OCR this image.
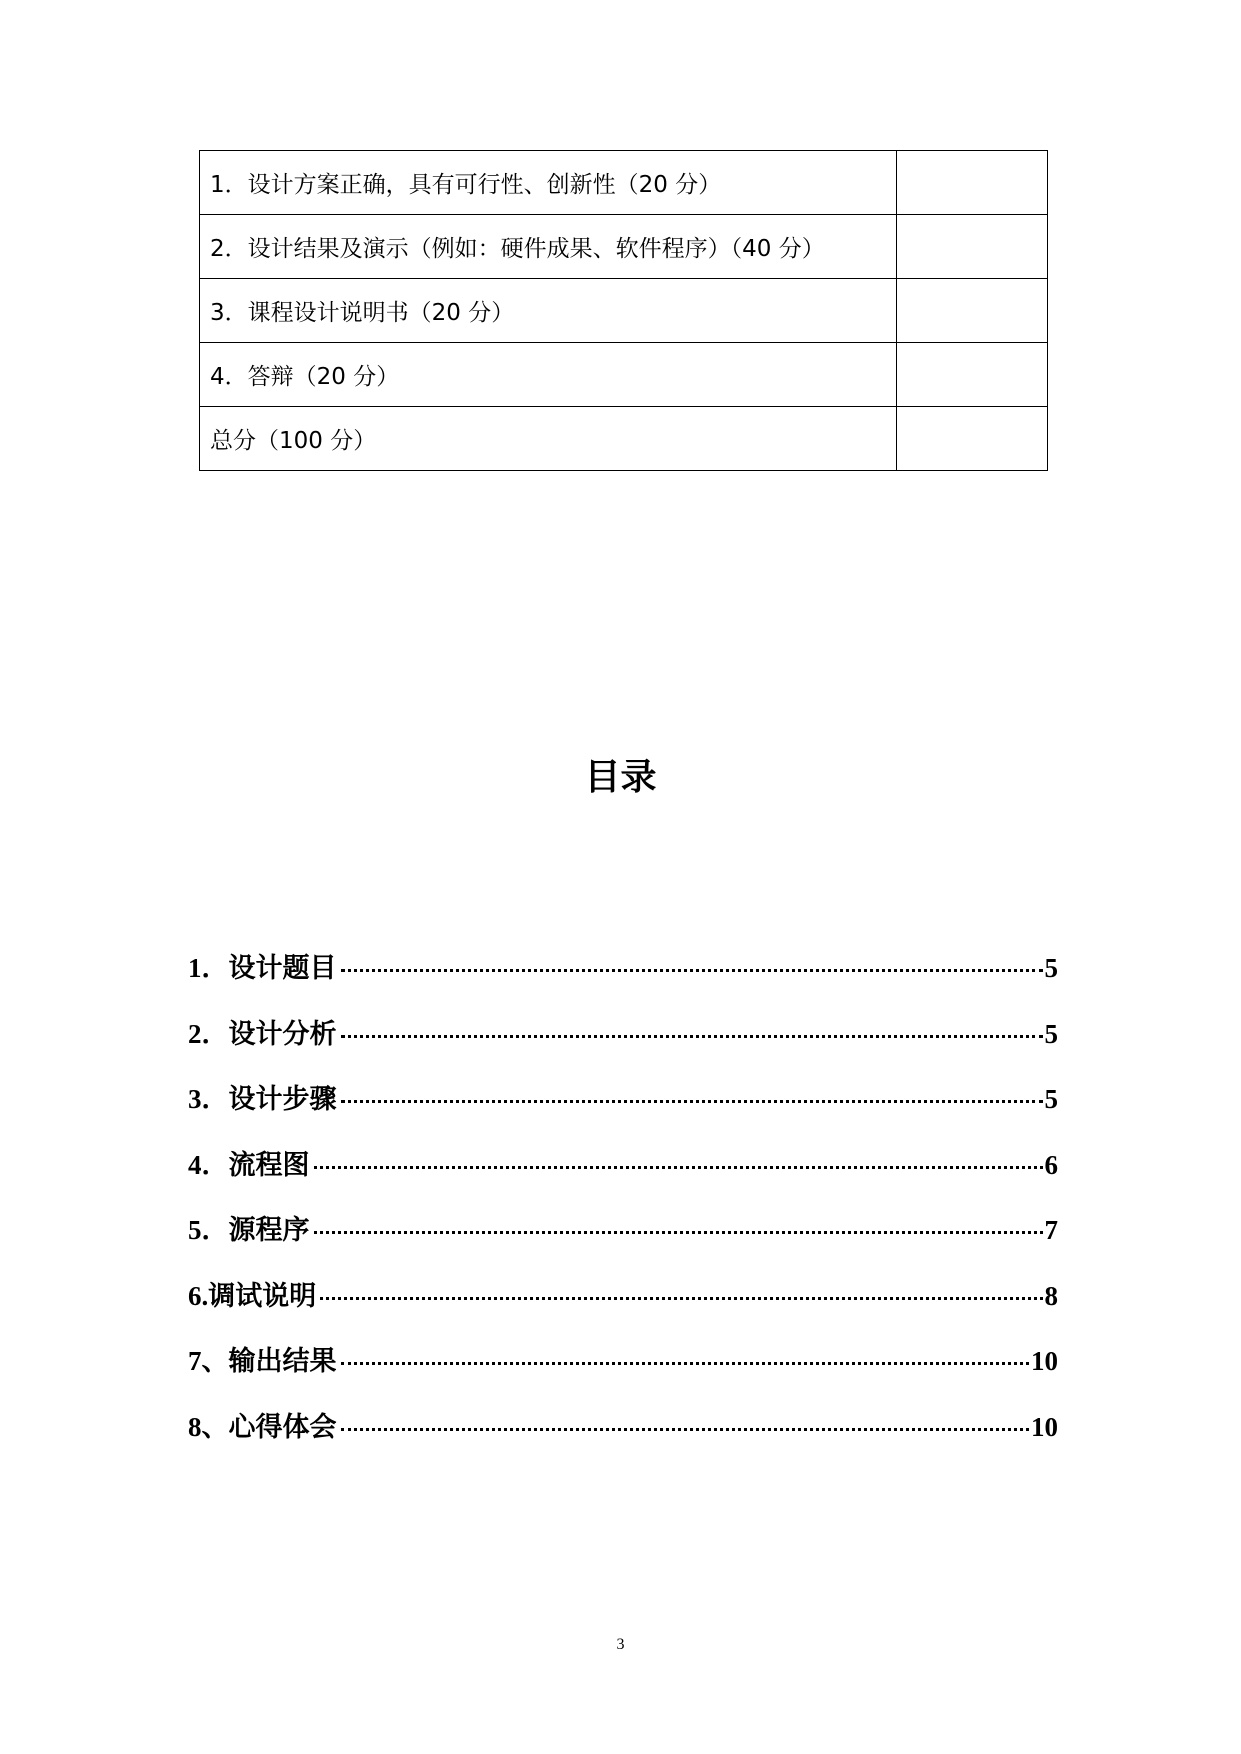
1．设计方案正确，具有可行性、创新性（20 分）	
2．设计结果及演示（例如：硬件成果、软件程序）（40 分）	
3．课程设计说明书（20 分）	
4．答辩（20 分）	
总分（100 分）	
目录
1．设计题目	5
2．设计分析	5
3．设计步骤	5
4．流程图	6
5．源程序	7
6.调试说明	8
7、输出结果	10
8、心得体会	10
3
